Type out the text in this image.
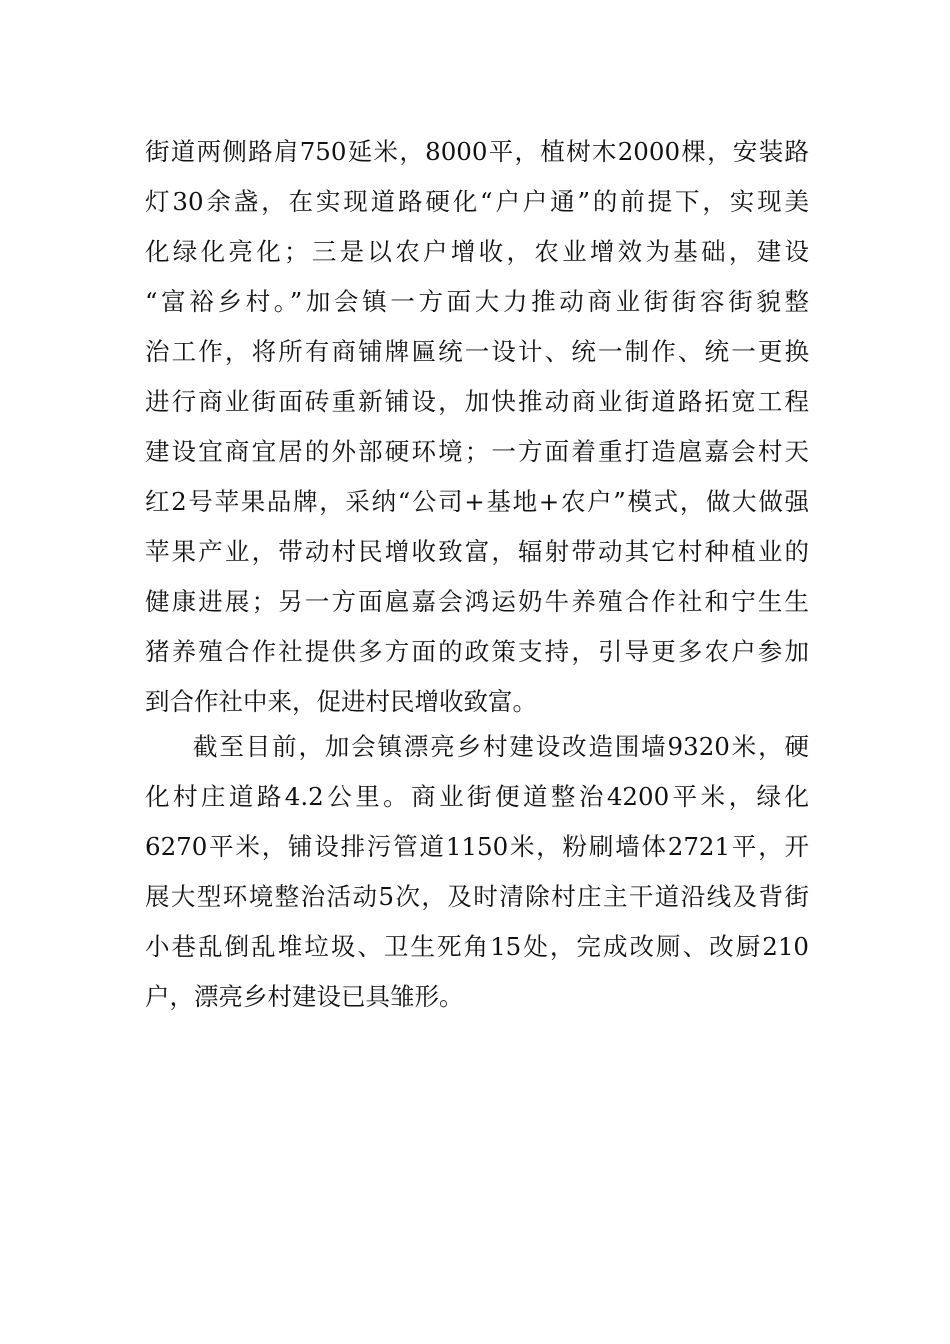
街道两侧路肩750延米，8000平，植树木2000棵，安装路
灯30余盏，在实现道路硬化“户户通”的前提下，实现美
化绿化亮化；三是以农户增收，农业增效为基础，建设
“富裕乡村。”加会镇一方面大力推动商业街街容街貌整
治工作，将所有商铺牌匾统一设计、统一制作、统一更换
进行商业街面砖重新铺设，加快推动商业街道路拓宽工程
建设宜商宜居的外部硬环境；一方面着重打造扈嘉会村天
红2号苹果品牌，采纳“公司+基地+农户”模式，做大做强
苹果产业，带动村民增收致富，辐射带动其它村种植业的
健康进展；另一方面扈嘉会鸿运奶牛养殖合作社和宁生生
猪养殖合作社提供多方面的政策支持，引导更多农户参加
到合作社中来，促进村民增收致富。
截至目前，加会镇漂亮乡村建设改造围墙9320米，硬
化村庄道路4.2公里。商业街便道整治4200平米，绿化
6270平米，铺设排污管道1150米，粉刷墙体2721平，开
展大型环境整治活动5次，及时清除村庄主干道沿线及背街
小巷乱倒乱堆垃圾、卫生死角15处，完成改厕、改厨210
户，漂亮乡村建设已具雏形。
